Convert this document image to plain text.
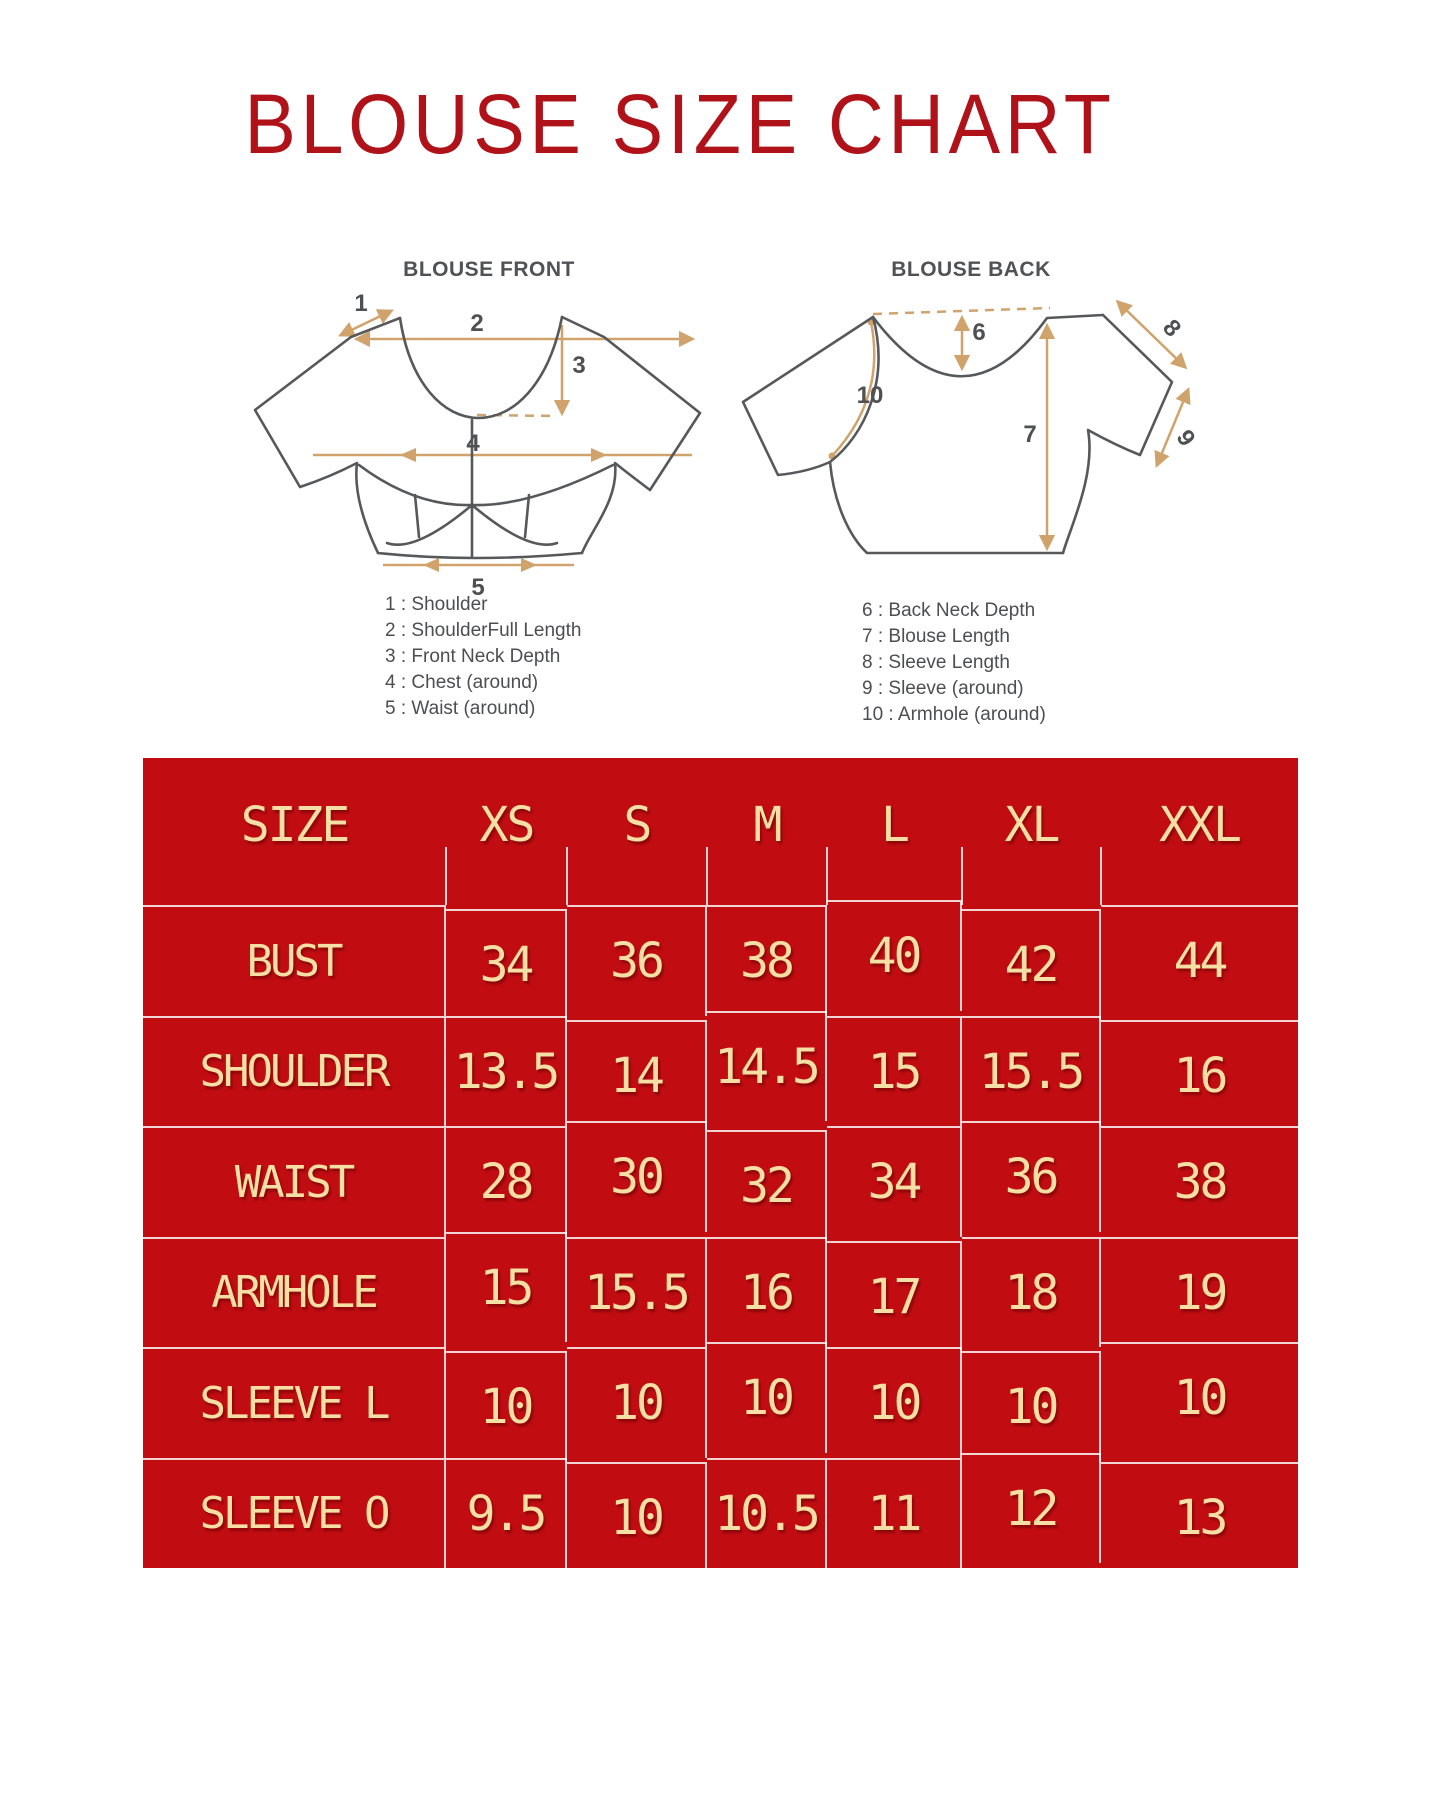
BLOUSE SIZE CHART
BLOUSE FRONT
1
2
3
4
5
1 : Shoulder
2 : ShoulderFull Length
3 : Front Neck Depth
4 : Chest (around)
5 : Waist (around)
BLOUSE BACK
6
7
8
9
10
6 : Back Neck Depth
7 : Blouse Length
8 : Sleeve Length
9 : Sleeve (around)
10 : Armhole (around)
SIZE	XS	S	M	L	XL	XXL
BUST	34	36	38	40	42	44
SHOULDER	13.5	14	14.5	15	15.5	16
WAIST	28	30	32	34	36	38
ARMHOLE	15	15.5	16	17	18	19
SLEEVE L	10	10	10	10	10	10
SLEEVE O	9.5	10	10.5	11	12	13
